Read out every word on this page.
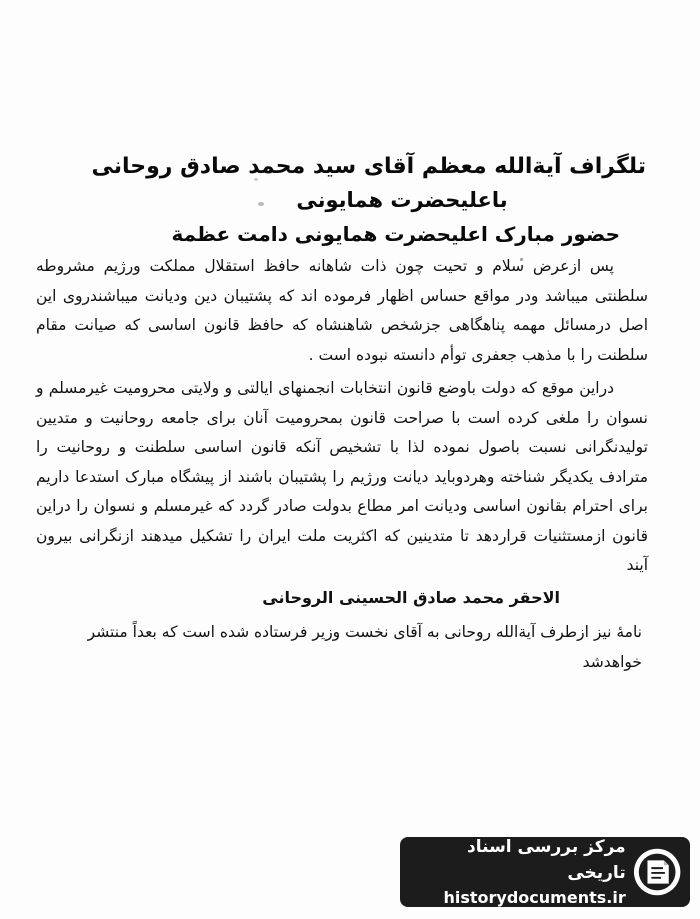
تلگراف آیةالله معظم آقای سید محمد صادق روحانی
باعلیحضرت همایونی
حضور مبارک اعلیحضرت همایونی دامت عظمة

پس ازعرض سلام و تحیت چون ذات شاهانه حافظ استقلال مملکت ورژیم مشروطه سلطنتی میباشد ودر مواقع حساس اظهار فرموده اند که پشتیبان دین ودیانت میباشندروی این اصل درمسائل مهمه پناهگاهی جزشخص شاهنشاه که حافظ قانون اساسی که صیانت مقام سلطنت را با مذهب جعفری توأم دانسته نبوده است .

دراین موقع که دولت باوضع قانون انتخابات انجمنهای ایالتی و ولایتی محرومیت غیرمسلم و نسوان را ملغی کرده است با صراحت قانون بمحرومیت آنان برای جامعه روحانیت و متدیین تولیدنگرانی نسبت باصول نموده لذا با تشخیص آنکه قانون اساسی سلطنت و روحانیت را مترادف یکدیگر شناخته وهردوباید دیانت ورژیم را پشتیبان باشند از پیشگاه مبارک استدعا داریم برای احترام بقانون اساسی ودیانت امر مطاع بدولت صادر گردد که غیرمسلم و نسوان را دراین قانون ازمستثنیات قراردهد تا متدینین که اکثریت ملت ایران را تشکیل میدهند ازنگرانی بیرون آیند

الاحقر محمد صادق الحسینی الروحانی

نامهٔ نیز ازطرف آیةالله روحانی به آقای نخست وزیر فرستاده شده است که بعداً منتشر خواهدشد

مرکز بررسی اسناد تاریخی
historydocuments.ir
